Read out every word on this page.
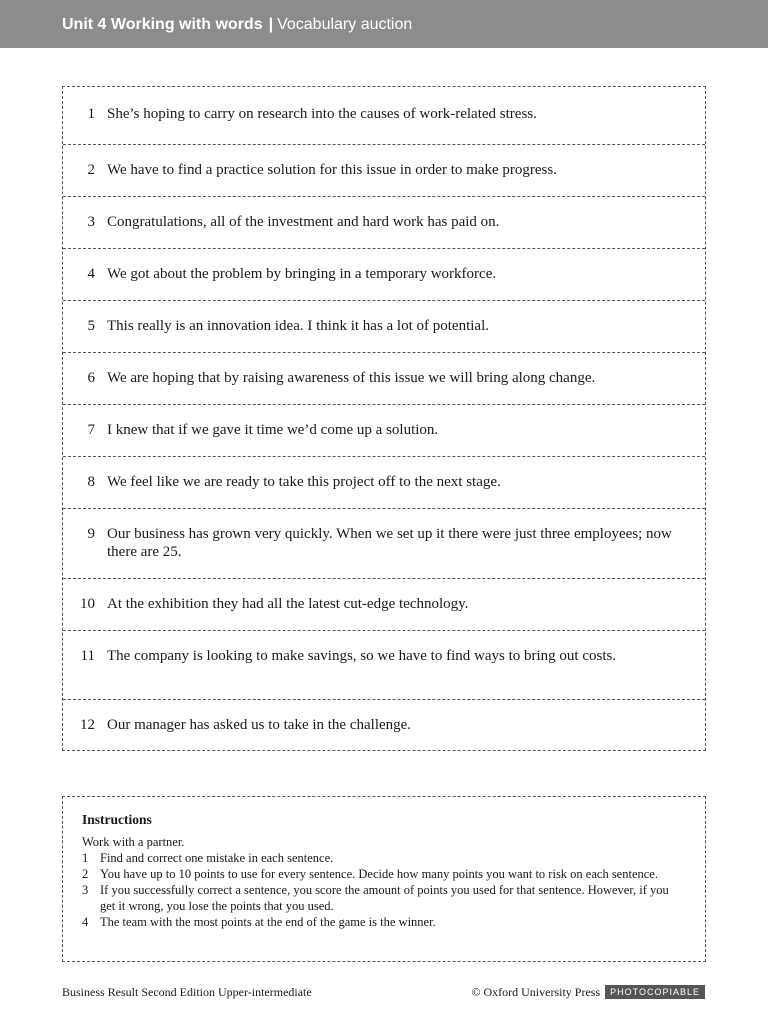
Unit 4 Working with words | Vocabulary auction
1 She’s hoping to carry on research into the causes of work-related stress.
2 We have to find a practice solution for this issue in order to make progress.
3 Congratulations, all of the investment and hard work has paid on.
4 We got about the problem by bringing in a temporary workforce.
5 This really is an innovation idea. I think it has a lot of potential.
6 We are hoping that by raising awareness of this issue we will bring along change.
7 I knew that if we gave it time we’d come up a solution.
8 We feel like we are ready to take this project off to the next stage.
9 Our business has grown very quickly. When we set up it there were just three employees; now there are 25.
10 At the exhibition they had all the latest cut-edge technology.
11 The company is looking to make savings, so we have to find ways to bring out costs.
12 Our manager has asked us to take in the challenge.
Instructions
Work with a partner.
1 Find and correct one mistake in each sentence.
2 You have up to 10 points to use for every sentence. Decide how many points you want to risk on each sentence.
3 If you successfully correct a sentence, you score the amount of points you used for that sentence. However, if you get it wrong, you lose the points that you used.
4 The team with the most points at the end of the game is the winner.
Business Result Second Edition Upper-intermediate	© Oxford University Press PHOTOCOPIABLE
